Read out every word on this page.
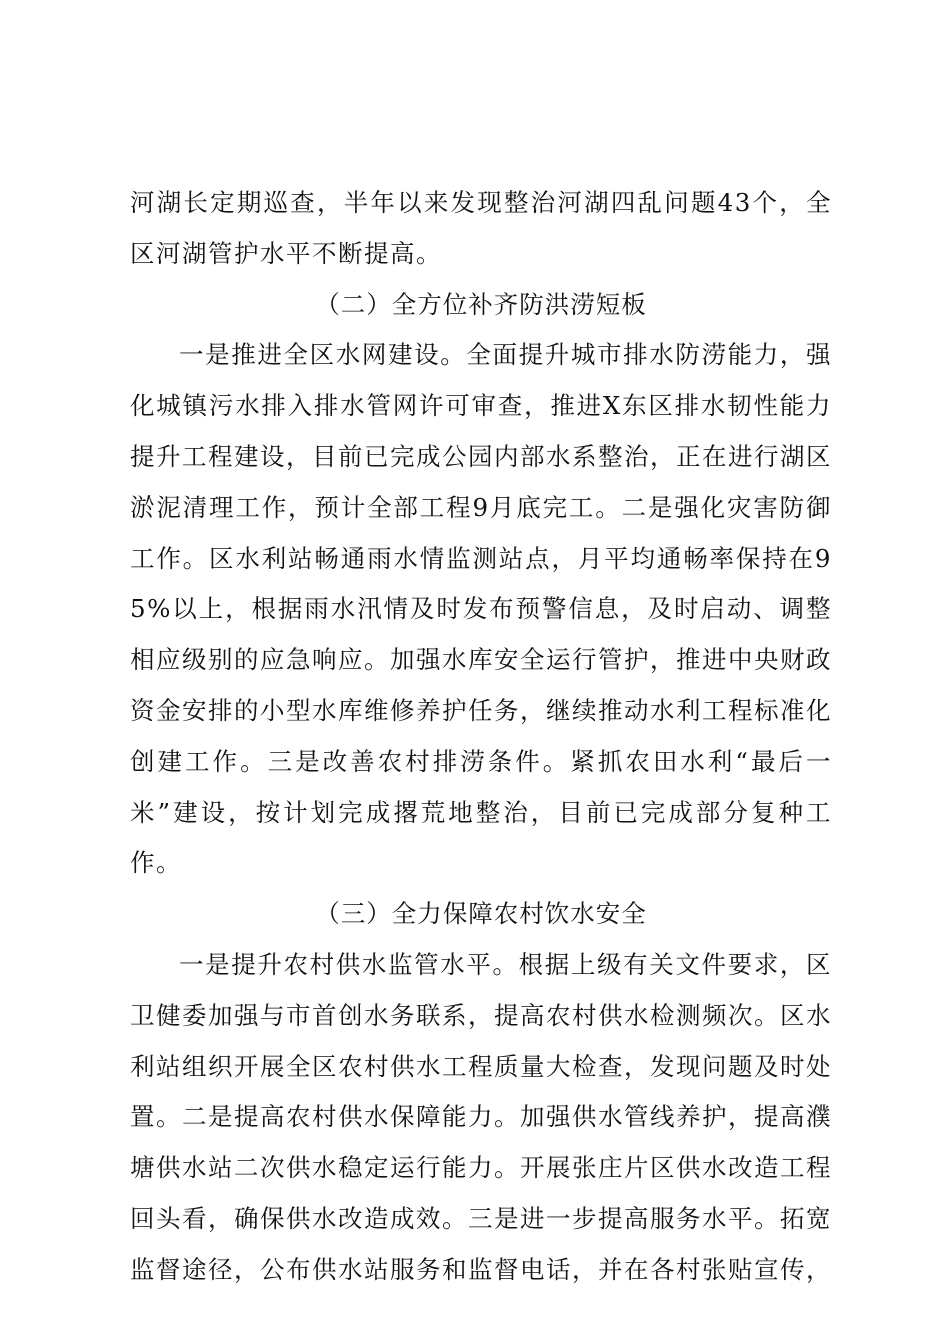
河湖长定期巡查，半年以来发现整治河湖四乱问题43个，全区河湖管护水平不断提高。

（二）全方位补齐防洪涝短板

一是推进全区水网建设。全面提升城市排水防涝能力，强化城镇污水排入排水管网许可审查，推进X东区排水韧性能力提升工程建设，目前已完成公园内部水系整治，正在进行湖区淤泥清理工作，预计全部工程9月底完工。二是强化灾害防御工作。区水利站畅通雨水情监测站点，月平均通畅率保持在95%以上，根据雨水汛情及时发布预警信息，及时启动、调整相应级别的应急响应。加强水库安全运行管护，推进中央财政资金安排的小型水库维修养护任务，继续推动水利工程标准化创建工作。三是改善农村排涝条件。紧抓农田水利“最后一米”建设，按计划完成撂荒地整治，目前已完成部分复种工作。

（三）全力保障农村饮水安全

一是提升农村供水监管水平。根据上级有关文件要求，区卫健委加强与市首创水务联系，提高农村供水检测频次。区水利站组织开展全区农村供水工程质量大检查，发现问题及时处置。二是提高农村供水保障能力。加强供水管线养护，提高濮塘供水站二次供水稳定运行能力。开展张庄片区供水改造工程回头看，确保供水改造成效。三是进一步提高服务水平。拓宽监督途径，公布供水站服务和监督电话，并在各村张贴宣传，
